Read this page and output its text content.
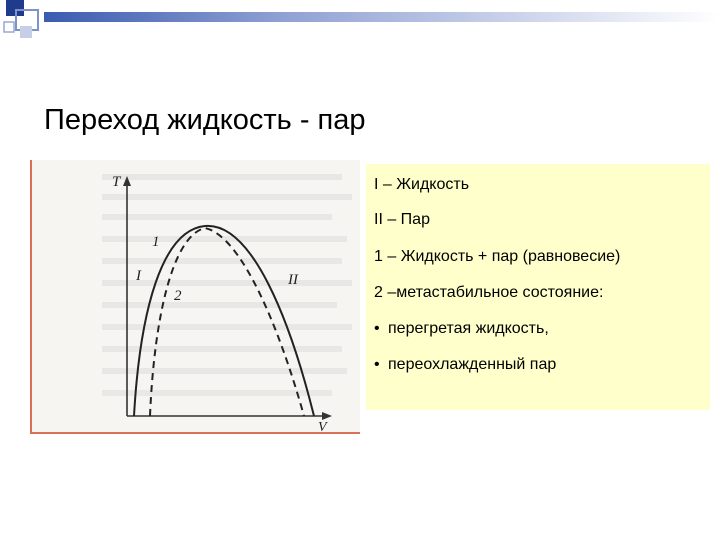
Переход жидкость - пар
T
V
1
2
I	II
I – Жидкость
II – Пар
1 – Жидкость + пар (равновесие)
2 –метастабильное состояние:
• перегретая жидкость,
• переохлажденный пар
